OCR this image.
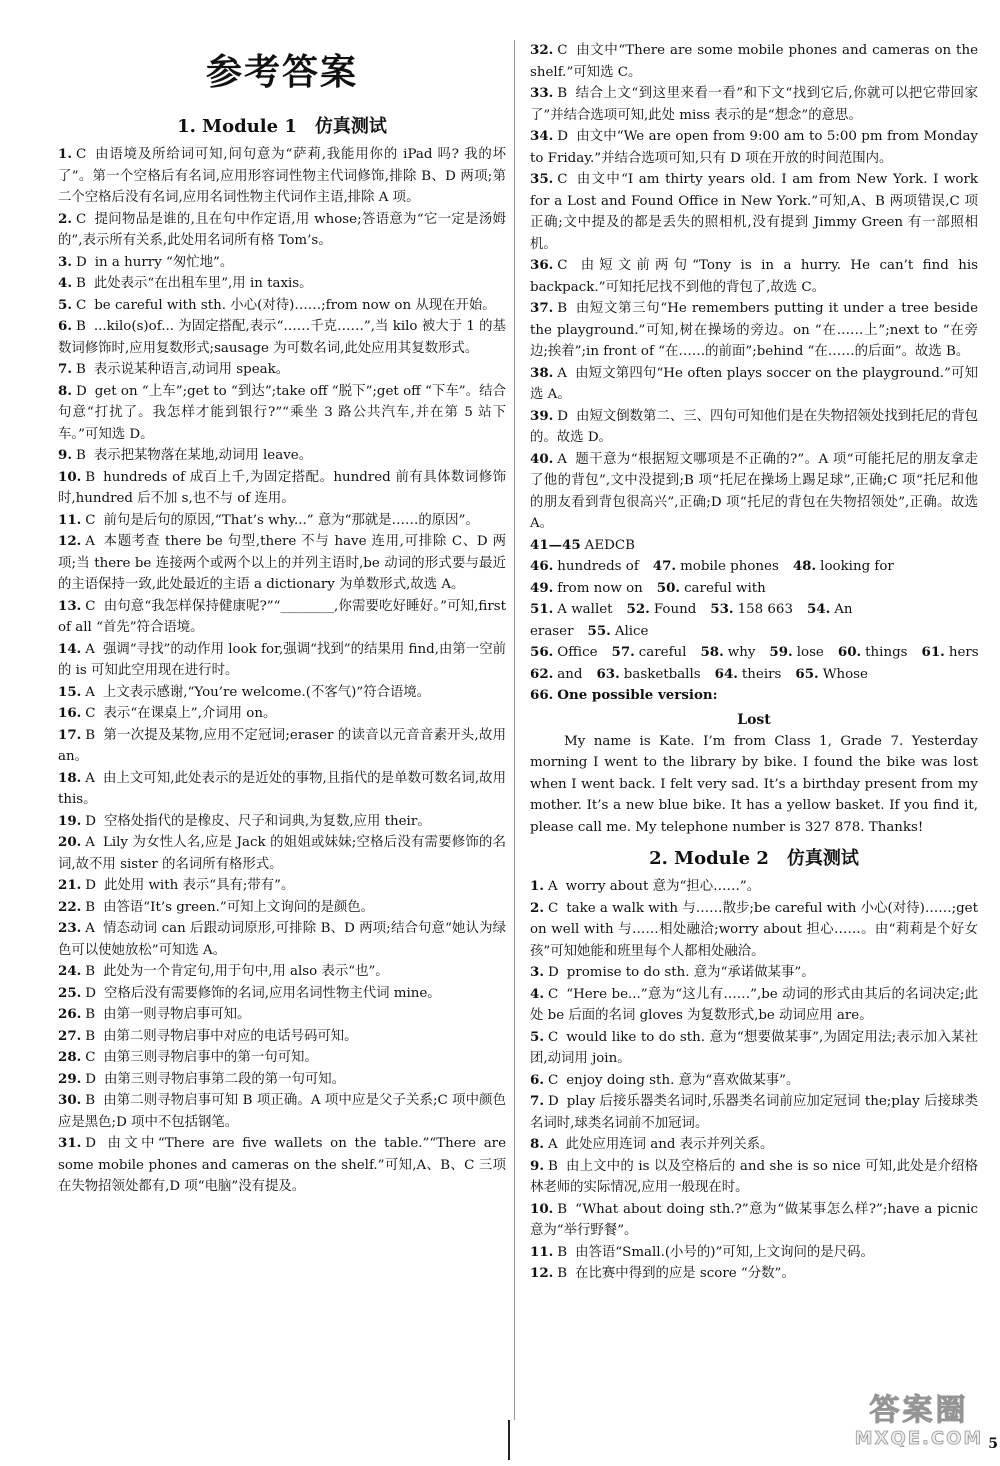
参考答案
1. Module 1　仿真测试

1. C 由语境及所给词可知,问句意为“萨莉,我能用你的 iPad 吗? 我的坏了”。第一个空格后有名词,应用形容词性物主代词修饰,排除 B、D 两项;第二个空格后没有名词,应用名词性物主代词作主语,排除 A 项。

2. C 提问物品是谁的,且在句中作定语,用 whose;答语意为“它一定是汤姆的”,表示所有关系,此处用名词所有格 Tom’s。

3. D in a hurry “匆忙地”。

4. B 此处表示“在出租车里”,用 in taxis。

5. C be careful with sth. 小心(对待)……;from now on 从现在开始。

6. B ...kilo(s)of... 为固定搭配,表示“……千克……”,当 kilo 被大于 1 的基数词修饰时,应用复数形式;sausage 为可数名词,此处应用其复数形式。

7. B 表示说某种语言,动词用 speak。

8. D get on “上车”;get to “到达”;take off “脱下”;get off “下车”。结合句意“打扰了。我怎样才能到银行?”“乘坐 3 路公共汽车,并在第 5 站下车。”可知选 D。

9. B 表示把某物落在某地,动词用 leave。

10. B hundreds of 成百上千,为固定搭配。hundred 前有具体数词修饰时,hundred 后不加 s,也不与 of 连用。

11. C 前句是后句的原因,“That’s why...” 意为“那就是……的原因”。

12. A 本题考查 there be 句型,there 不与 have 连用,可排除 C、D 两项;当 there be 连接两个或两个以上的并列主语时,be 动词的形式要与最近的主语保持一致,此处最近的主语 a dictionary 为单数形式,故选 A。

13. C 由句意“我怎样保持健康呢?”“________,你需要吃好睡好。”可知,first of all “首先”符合语境。

14. A 强调“寻找”的动作用 look for,强调“找到”的结果用 find,由第一空前的 is 可知此空用现在进行时。

15. A 上文表示感谢,“You’re welcome.(不客气)”符合语境。

16. C 表示“在课桌上”,介词用 on。

17. B 第一次提及某物,应用不定冠词;eraser 的读音以元音音素开头,故用 an。

18. A 由上文可知,此处表示的是近处的事物,且指代的是单数可数名词,故用 this。

19. D 空格处指代的是橡皮、尺子和词典,为复数,应用 their。

20. A Lily 为女性人名,应是 Jack 的姐姐或妹妹;空格后没有需要修饰的名词,故不用 sister 的名词所有格形式。

21. D 此处用 with 表示“具有;带有”。

22. B 由答语“It’s green.”可知上文询问的是颜色。

23. A 情态动词 can 后跟动词原形,可排除 B、D 两项;结合句意“她认为绿色可以使她放松”可知选 A。

24. B 此处为一个肯定句,用于句中,用 also 表示“也”。

25. D 空格后没有需要修饰的名词,应用名词性物主代词 mine。

26. B 由第一则寻物启事可知。

27. B 由第二则寻物启事中对应的电话号码可知。

28. C 由第三则寻物启事中的第一句可知。

29. D 由第三则寻物启事第二段的第一句可知。

30. B 由第二则寻物启事可知 B 项正确。A 项中应是父子关系;C 项中颜色应是黑色;D 项中不包括钢笔。

31. D 由文中“There are five wallets on the table.”“There are some mobile phones and cameras on the shelf.”可知,A、B、C 三项在失物招领处都有,D 项“电脑”没有提及。

32. C 由文中“There are some mobile phones and cameras on the shelf.”可知选 C。

33. B 结合上文“到这里来看一看”和下文“找到它后,你就可以把它带回家了”并结合选项可知,此处 miss 表示的是“想念”的意思。

34. D 由文中“We are open from 9:00 am to 5:00 pm from Monday to Friday.”并结合选项可知,只有 D 项在开放的时间范围内。

35. C 由文中“I am thirty years old. I am from New York. I work for a Lost and Found Office in New York.”可知,A、B 两项错误,C 项正确;文中提及的都是丢失的照相机,没有提到 Jimmy Green 有一部照相机。

36. C 由短文前两句“Tony is in a hurry. He can’t find his backpack.”可知托尼找不到他的背包了,故选 C。

37. B 由短文第三句“He remembers putting it under a tree beside the playground.”可知,树在操场的旁边。on “在……上”;next to “在旁边;挨着”;in front of “在……的前面”;behind “在……的后面”。故选 B。

38. A 由短文第四句“He often plays soccer on the playground.”可知选 A。

39. D 由短文倒数第二、三、四句可知他们是在失物招领处找到托尼的背包的。故选 D。

40. A 题干意为“根据短文哪项是不正确的?”。A 项“可能托尼的朋友拿走了他的背包”,文中没提到;B 项“托尼在操场上踢足球”,正确;C 项“托尼和他的朋友看到背包很高兴”,正确;D 项“托尼的背包在失物招领处”,正确。故选 A。

41—45 AEDCB

46. hundreds of 47. mobile phones 48. looking for

49. from now on 50. careful with

51. A wallet 52. Found 53. 158 663 54. An eraser 55. Alice

56. Office 57. careful 58. why 59. lose 60. things 61. hers

62. and 63. basketballs 64. theirs 65. Whose

66. One possible version:

Lost

My name is Kate. I’m from Class 1, Grade 7. Yesterday morning I went to the library by bike. I found the bike was lost when I went back. I felt very sad. It’s a birthday present from my mother. It’s a new blue bike. It has a yellow basket. If you find it, please call me. My telephone number is 327 878. Thanks!

2. Module 2　仿真测试

1. A worry about 意为“担心……”。

2. C take a walk with 与……散步;be careful with 小心(对待)……;get on well with 与……相处融洽;worry about 担心……。由“莉莉是个好女孩”可知她能和班里每个人都相处融洽。

3. D promise to do sth. 意为“承诺做某事”。

4. C “Here be...”意为“这儿有……”,be 动词的形式由其后的名词决定;此处 be 后面的名词 gloves 为复数形式,be 动词应用 are。

5. C would like to do sth. 意为“想要做某事”,为固定用法;表示加入某社团,动词用 join。

6. C enjoy doing sth. 意为“喜欢做某事”。

7. D play 后接乐器类名词时,乐器类名词前应加定冠词 the;play 后接球类名词时,球类名词前不加冠词。

8. A 此处应用连词 and 表示并列关系。

9. B 由上文中的 is 以及空格后的 and she is so nice 可知,此处是介绍格林老师的实际情况,应用一般现在时。

10. B “What about doing sth.?”意为“做某事怎么样?”;have a picnic 意为“举行野餐”。

11. B 由答语“Small.(小号的)”可知,上文询问的是尺码。

12. B 在比赛中得到的应是 score “分数”。

答案圈
MXQE.COM 5
